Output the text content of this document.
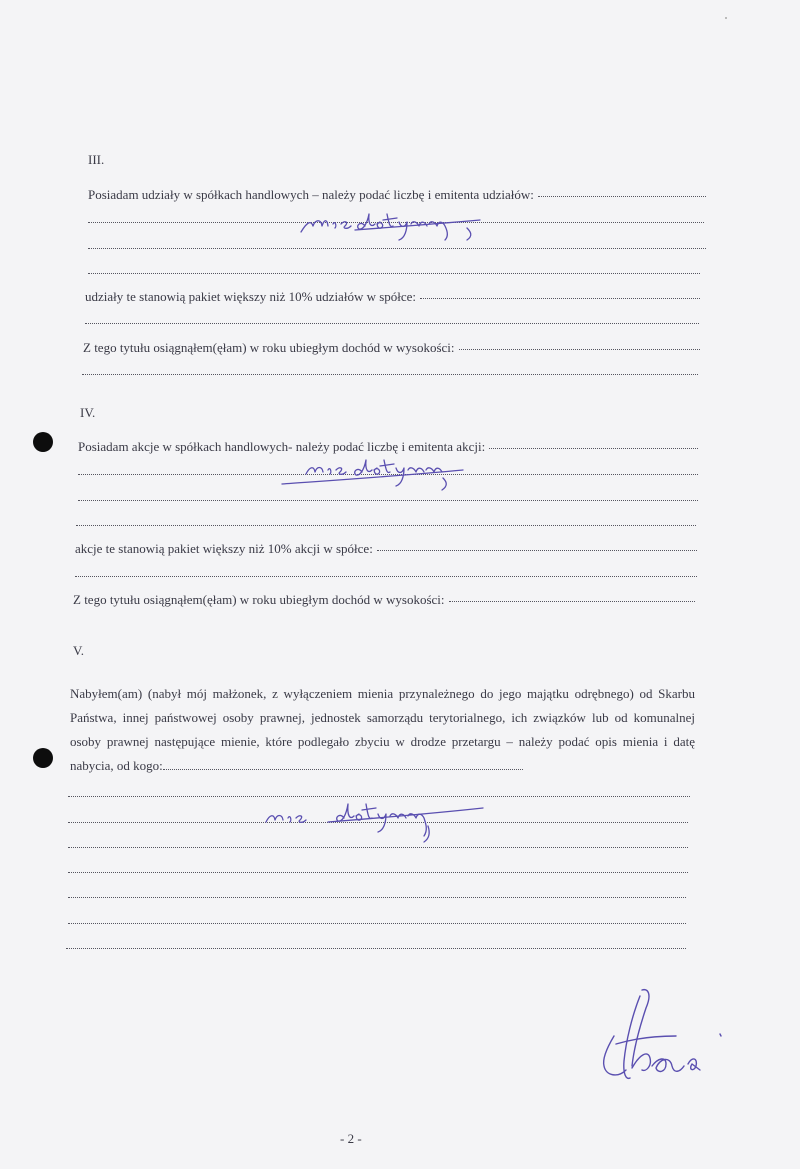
III.
Posiadam udziały w spółkach handlowych – należy podać liczbę i emitenta udziałów:
udziały te stanowią pakiet większy niż 10% udziałów w spółce:
Z tego tytułu osiągnąłem(ęłam) w roku ubiegłym dochód w wysokości:
IV.
Posiadam akcje w spółkach handlowych- należy podać liczbę i emitenta akcji:
akcje te stanowią pakiet większy niż 10% akcji w spółce:
Z tego tytułu osiągnąłem(ęłam) w roku ubiegłym dochód w wysokości:
V.
Nabyłem(am) (nabył mój małżonek, z wyłączeniem mienia przynależnego do jego majątku odrębnego) od Skarbu Państwa, innej państwowej osoby prawnej, jednostek samorządu terytorialnego, ich związków lub od komunalnej osoby prawnej następujące mienie, które podlegało zbyciu w drodze przetargu – należy podać opis mienia i datę nabycia, od kogo:
- 2 -
